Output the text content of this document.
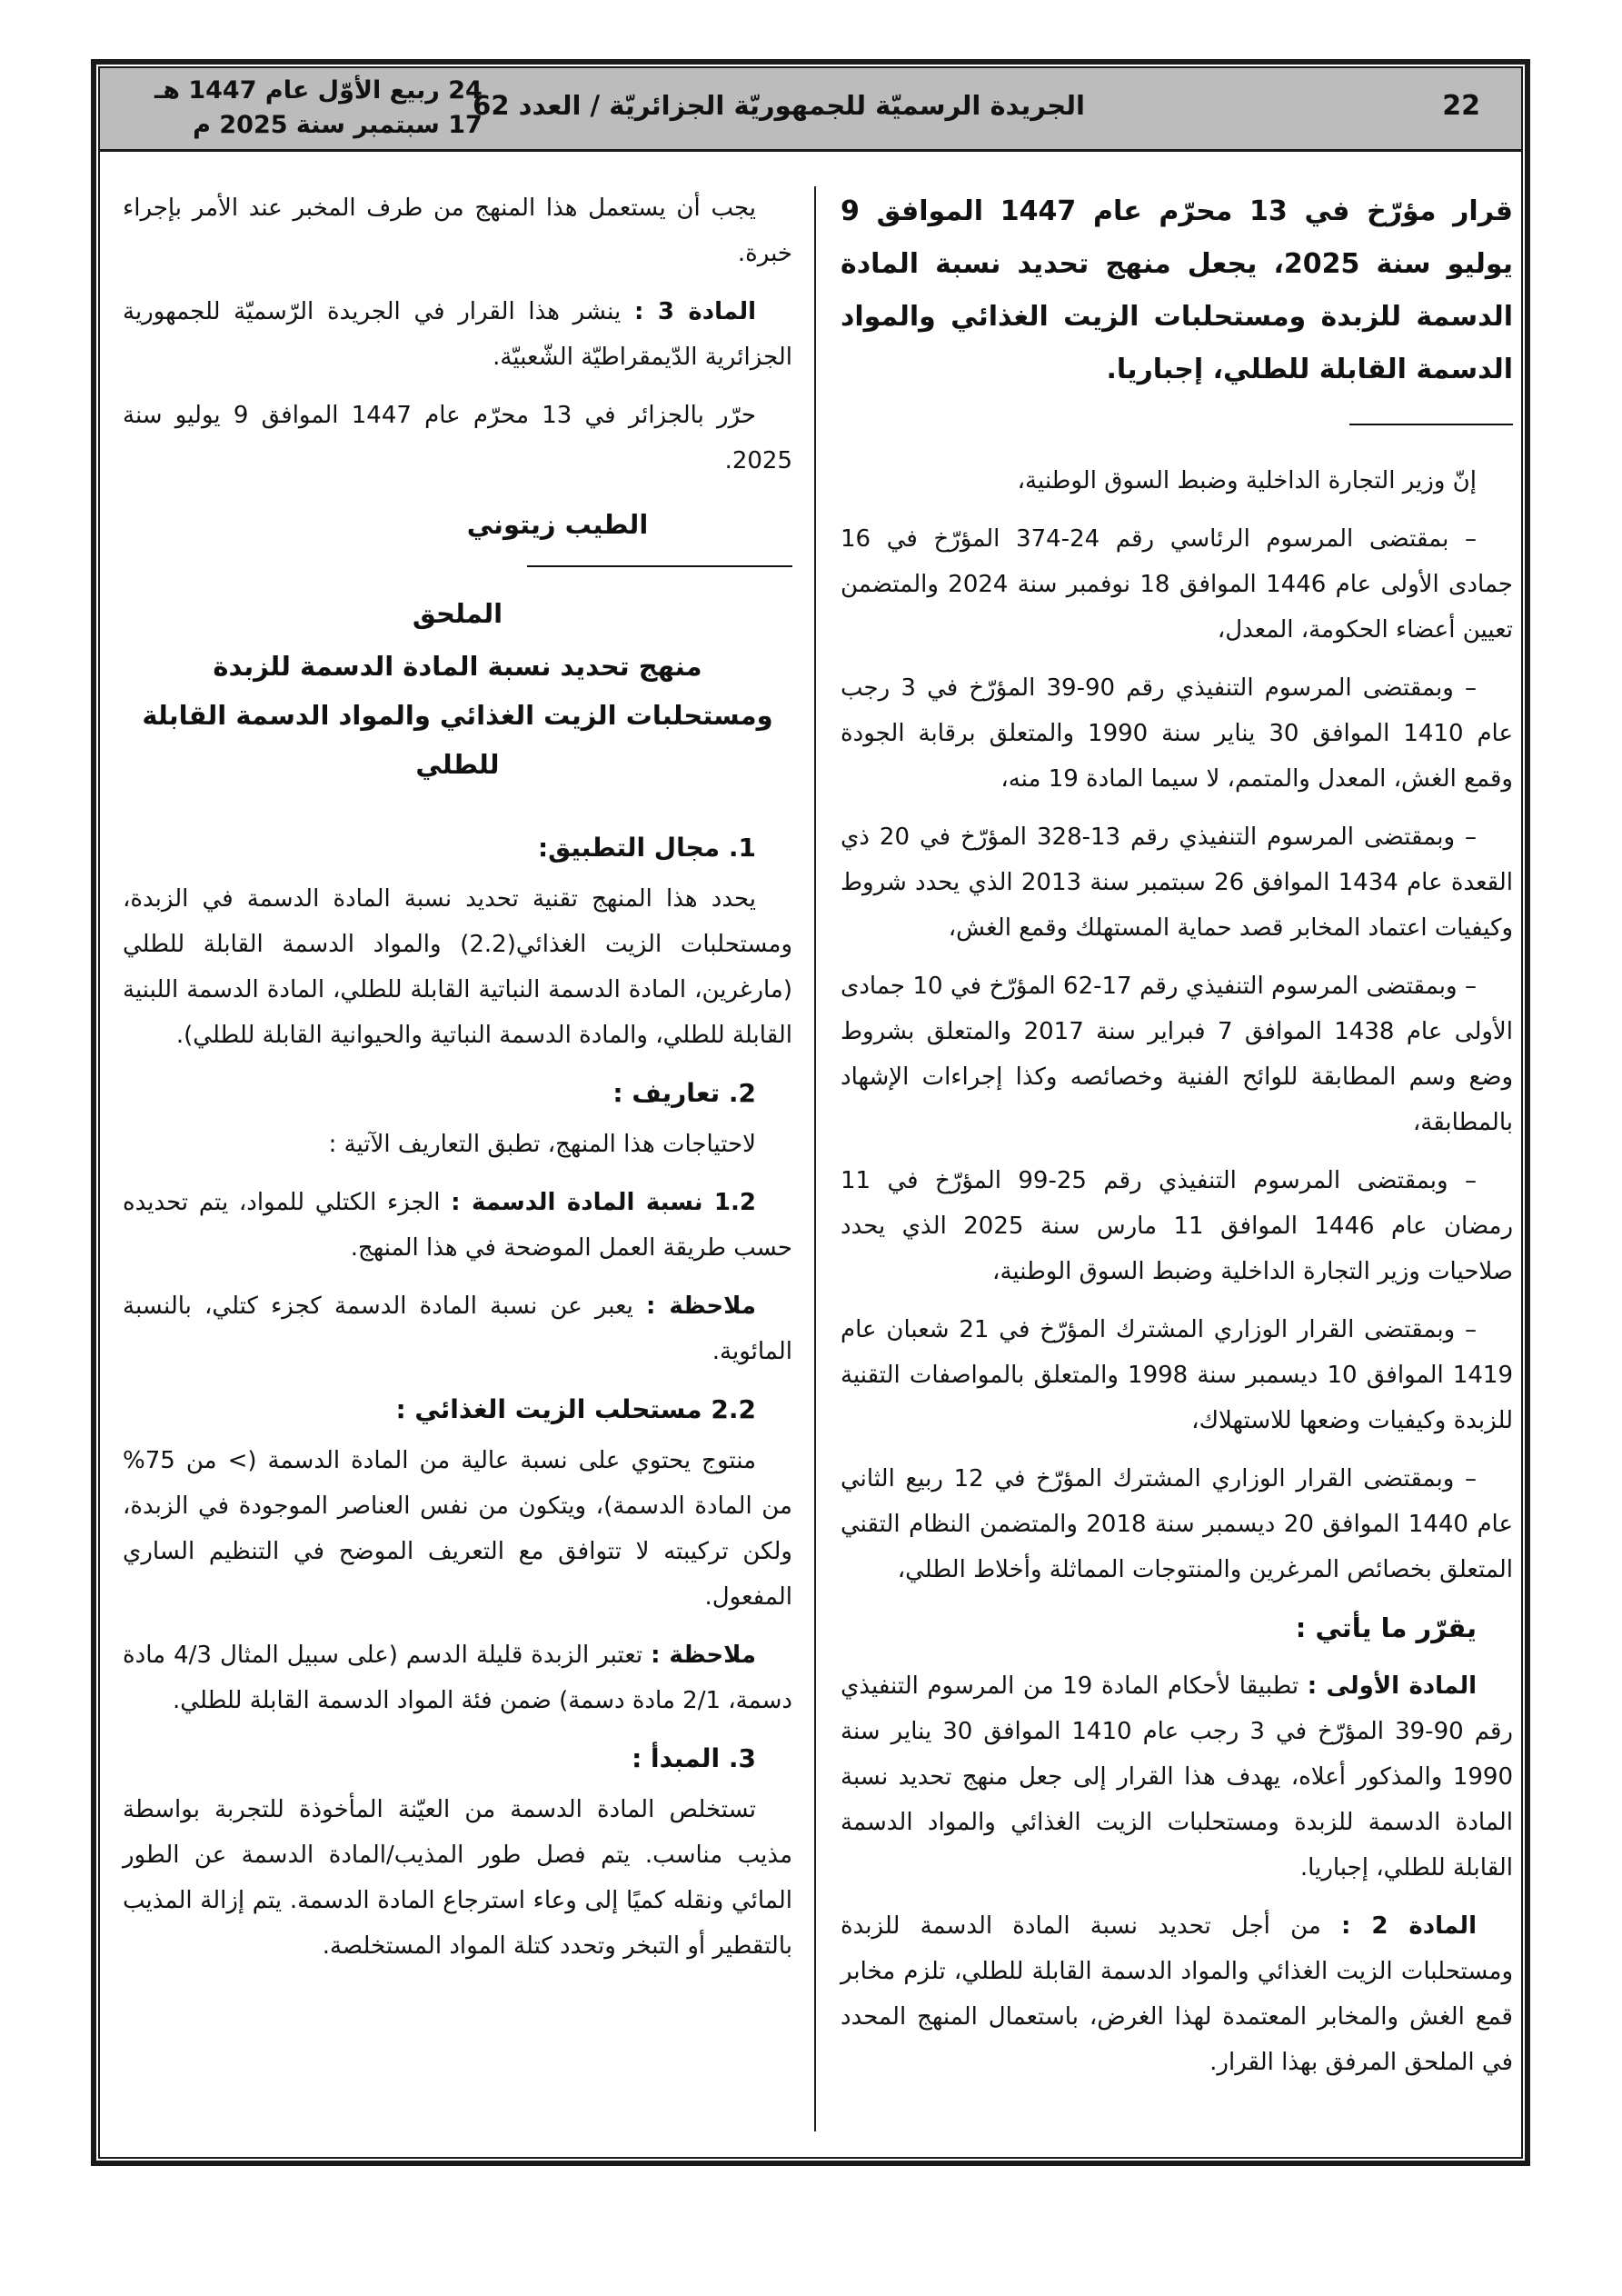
22
الجريدة الرسميّة للجمهوريّة الجزائريّة / العدد 62
24 ربيع الأوّل عام 1447 هـ
17 سبتمبر سنة 2025 م

قرار مؤرّخ في 13 محرّم عام 1447 الموافق 9 يوليو سنة 2025، يجعل منهج تحديد نسبة المادة الدسمة للزبدة ومستحلبات الزيت الغذائي والمواد الدسمة القابلة للطلي، إجباريا.

إنّ وزير التجارة الداخلية وضبط السوق الوطنية،

– بمقتضى المرسوم الرئاسي رقم 24-374 المؤرّخ في 16 جمادى الأولى عام 1446 الموافق 18 نوفمبر سنة 2024 والمتضمن تعيين أعضاء الحكومة، المعدل،

– وبمقتضى المرسوم التنفيذي رقم 90-39 المؤرّخ في 3 رجب عام 1410 الموافق 30 يناير سنة 1990 والمتعلق برقابة الجودة وقمع الغش، المعدل والمتمم، لا سيما المادة 19 منه،

– وبمقتضى المرسوم التنفيذي رقم 13-328 المؤرّخ في 20 ذي القعدة عام 1434 الموافق 26 سبتمبر سنة 2013 الذي يحدد شروط وكيفيات اعتماد المخابر قصد حماية المستهلك وقمع الغش،

– وبمقتضى المرسوم التنفيذي رقم 17-62 المؤرّخ في 10 جمادى الأولى عام 1438 الموافق 7 فبراير سنة 2017 والمتعلق بشروط وضع وسم المطابقة للوائح الفنية وخصائصه وكذا إجراءات الإشهاد بالمطابقة،

– وبمقتضى المرسوم التنفيذي رقم 25-99 المؤرّخ في 11 رمضان عام 1446 الموافق 11 مارس سنة 2025 الذي يحدد صلاحيات وزير التجارة الداخلية وضبط السوق الوطنية،

– وبمقتضى القرار الوزاري المشترك المؤرّخ في 21 شعبان عام 1419 الموافق 10 ديسمبر سنة 1998 والمتعلق بالمواصفات التقنية للزبدة وكيفيات وضعها للاستهلاك،

– وبمقتضى القرار الوزاري المشترك المؤرّخ في 12 ربيع الثاني عام 1440 الموافق 20 ديسمبر سنة 2018 والمتضمن النظام التقني المتعلق بخصائص المرغرين والمنتوجات المماثلة وأخلاط الطلي،

يقرّر ما يأتي :

المادة الأولى : تطبيقا لأحكام المادة 19 من المرسوم التنفيذي رقم 90-39 المؤرّخ في 3 رجب عام 1410 الموافق 30 يناير سنة 1990 والمذكور أعلاه، يهدف هذا القرار إلى جعل منهج تحديد نسبة المادة الدسمة للزبدة ومستحلبات الزيت الغذائي والمواد الدسمة القابلة للطلي، إجباريا.

المادة 2 : من أجل تحديد نسبة المادة الدسمة للزبدة ومستحلبات الزيت الغذائي والمواد الدسمة القابلة للطلي، تلزم مخابر قمع الغش والمخابر المعتمدة لهذا الغرض، باستعمال المنهج المحدد في الملحق المرفق بهذا القرار.

يجب أن يستعمل هذا المنهج من طرف المخبر عند الأمر بإجراء خبرة.

المادة 3 : ينشر هذا القرار في الجريدة الرّسميّة للجمهورية الجزائرية الدّيمقراطيّة الشّعبيّة.

حرّر بالجزائر في 13 محرّم عام 1447 الموافق 9 يوليو سنة 2025.

الطيب زيتوني

الملحق

منهج تحديد نسبة المادة الدسمة للزبدة ومستحلبات الزيت الغذائي والمواد الدسمة القابلة للطلي

1. مجال التطبيق:

يحدد هذا المنهج تقنية تحديد نسبة المادة الدسمة في الزبدة، ومستحلبات الزيت الغذائي(2.2) والمواد الدسمة القابلة للطلي (مارغرين، المادة الدسمة النباتية القابلة للطلي، المادة الدسمة اللبنية القابلة للطلي، والمادة الدسمة النباتية والحيوانية القابلة للطلي).

2. تعاريف :

لاحتياجات هذا المنهج، تطبق التعاريف الآتية :

1.2 نسبة المادة الدسمة : الجزء الكتلي للمواد، يتم تحديده حسب طريقة العمل الموضحة في هذا المنهج.

ملاحظة : يعبر عن نسبة المادة الدسمة كجزء كتلي، بالنسبة المائوية.

2.2 مستحلب الزيت الغذائي :

منتوج يحتوي على نسبة عالية من المادة الدسمة (> من 75% من المادة الدسمة)، ويتكون من نفس العناصر الموجودة في الزبدة، ولكن تركيبته لا تتوافق مع التعريف الموضح في التنظيم الساري المفعول.

ملاحظة : تعتبر الزبدة قليلة الدسم (على سبيل المثال 4/3 مادة دسمة، 2/1 مادة دسمة) ضمن فئة المواد الدسمة القابلة للطلي.

3. المبدأ :

تستخلص المادة الدسمة من العيّنة المأخوذة للتجربة بواسطة مذيب مناسب. يتم فصل طور المذيب/المادة الدسمة عن الطور المائي ونقله كميًا إلى وعاء استرجاع المادة الدسمة. يتم إزالة المذيب بالتقطير أو التبخر وتحدد كتلة المواد المستخلصة.
